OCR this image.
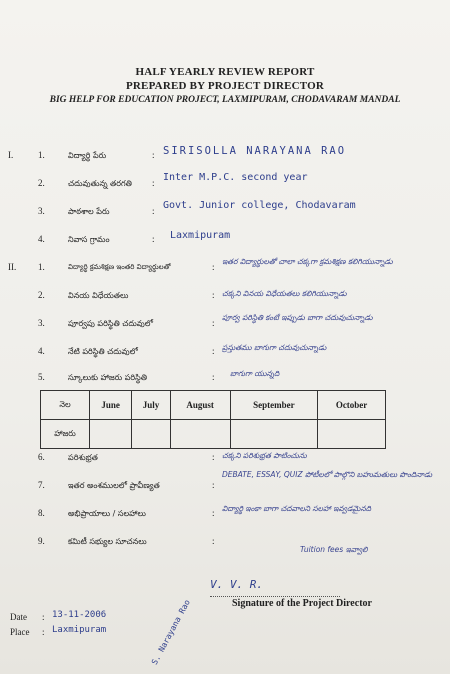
HALF YEARLY REVIEW REPORT
PREPARED BY PROJECT DIRECTOR
BIG HELP FOR EDUCATION PROJECT, LAXMIPURAM, CHODAVARAM MANDAL
I.	1.	విద్యార్థి పేరు	: SIRISOLLA NARAYANA RAO
2.	చదువుతున్న తరగతి : Inter M.P.C. second year
3.	పాఠశాల పేరు	: Govt. Junior college, Chodavaram
4.	నివాస గ్రామం	: Laxmipuram
II. 1.	విద్యార్థి క్రమశిక్షణ ఇంతరి విద్యార్థులతో	:
ఇతర విద్యార్థులతో చాలా చక్కగా క్రమశిక్షణ కలిగియున్నాడు
2.	వినయ విధేయతలు	: చక్కని వినయ విధేయతలు కలిగియున్నాడు
3.	పూర్వపు పరిస్థితి చదువులో	:
పూర్వ పరిస్థితి కంటే ఇప్పుడు బాగా చదువుచున్నాడు
4.	నేటి పరిస్థితి చదువులో	: ప్రస్తుతము బాగుగా చదువుచున్నాడు
5.	స్కూలుకు హాజరు పరిస్థితి	: బాగుగా యున్నది
నెల	June	July	August	September	October
హాజరు					
6.	పరిశుభ్రత	: చక్కని పరిశుభ్రత పాటించును
7.	ఇతర అంశములలో ప్రావీణ్యత	:
DEBATE, ESSAY, QUIZ పోటీలలో పాల్గొని బహుమతులు పొందినాడు
8.	అభిప్రాయాలు / సలహాలు	: విద్యార్థి ఇంకా బాగా చదవాలని సలహా ఇవ్వడమైనది
9.	కమిటీ సభ్యుల సూచనలు	:
Tuition fees ఇవ్వాలి
V. V. R.
Signature of the Project Director
Date : 13-11-2006
Place : Laxmipuram	S. Narayana Rao
